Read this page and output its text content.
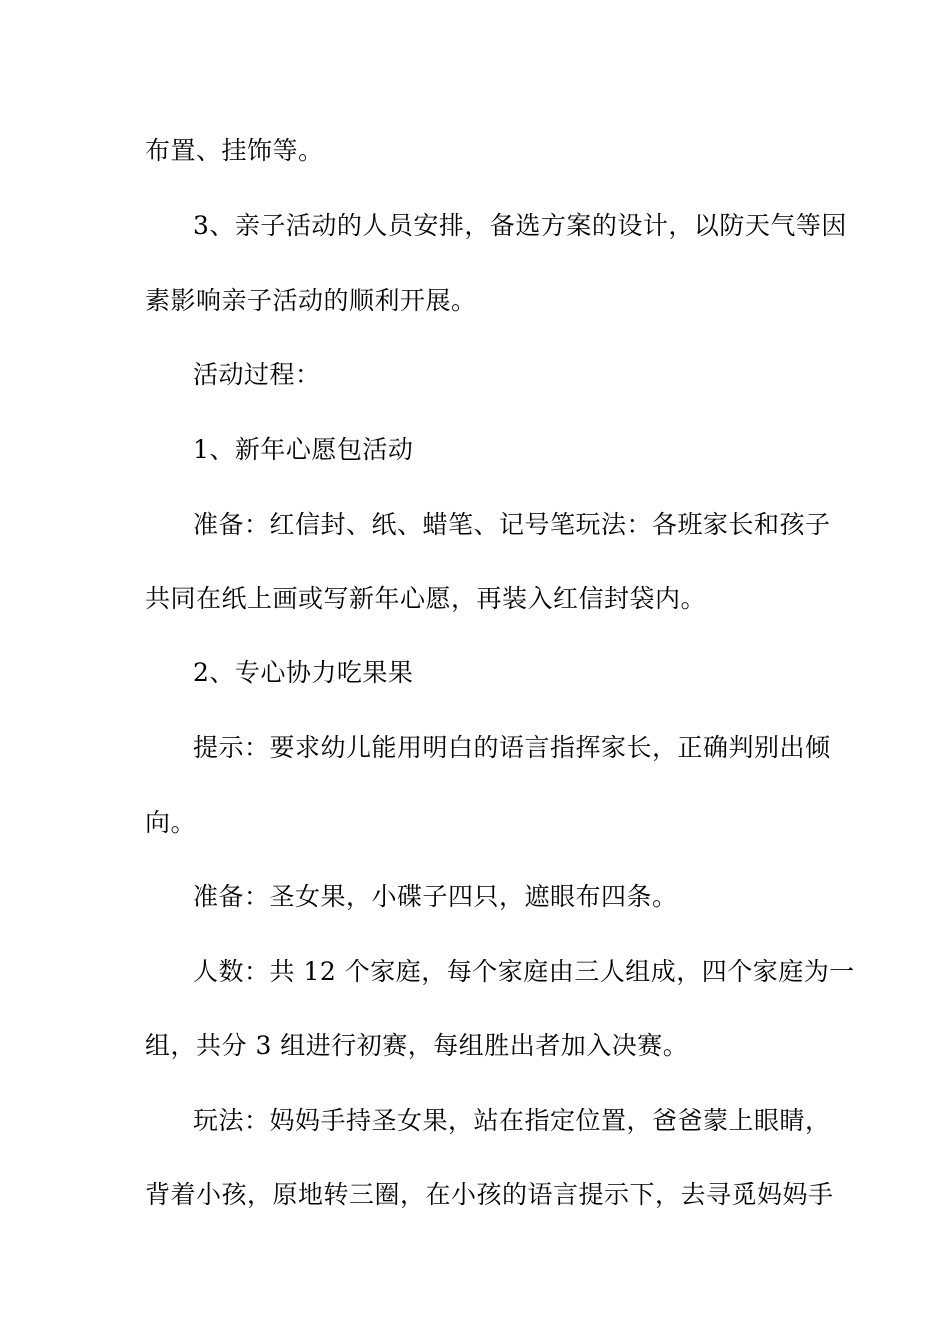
布置、挂饰等。
3、亲子活动的人员安排，备选方案的设计，以防天气等因
素影响亲子活动的顺利开展。
活动过程：
1、新年心愿包活动
准备：红信封、纸、蜡笔、记号笔玩法：各班家长和孩子
共同在纸上画或写新年心愿，再装入红信封袋内。
2、专心协力吃果果
提示：要求幼儿能用明白的语言指挥家长，正确判别出倾
向。
准备：圣女果，小碟子四只，遮眼布四条。
人数：共 12 个家庭，每个家庭由三人组成，四个家庭为一
组，共分 3 组进行初赛，每组胜出者加入决赛。
玩法：妈妈手持圣女果，站在指定位置，爸爸蒙上眼睛，
背着小孩，原地转三圈，在小孩的语言提示下，去寻觅妈妈手
